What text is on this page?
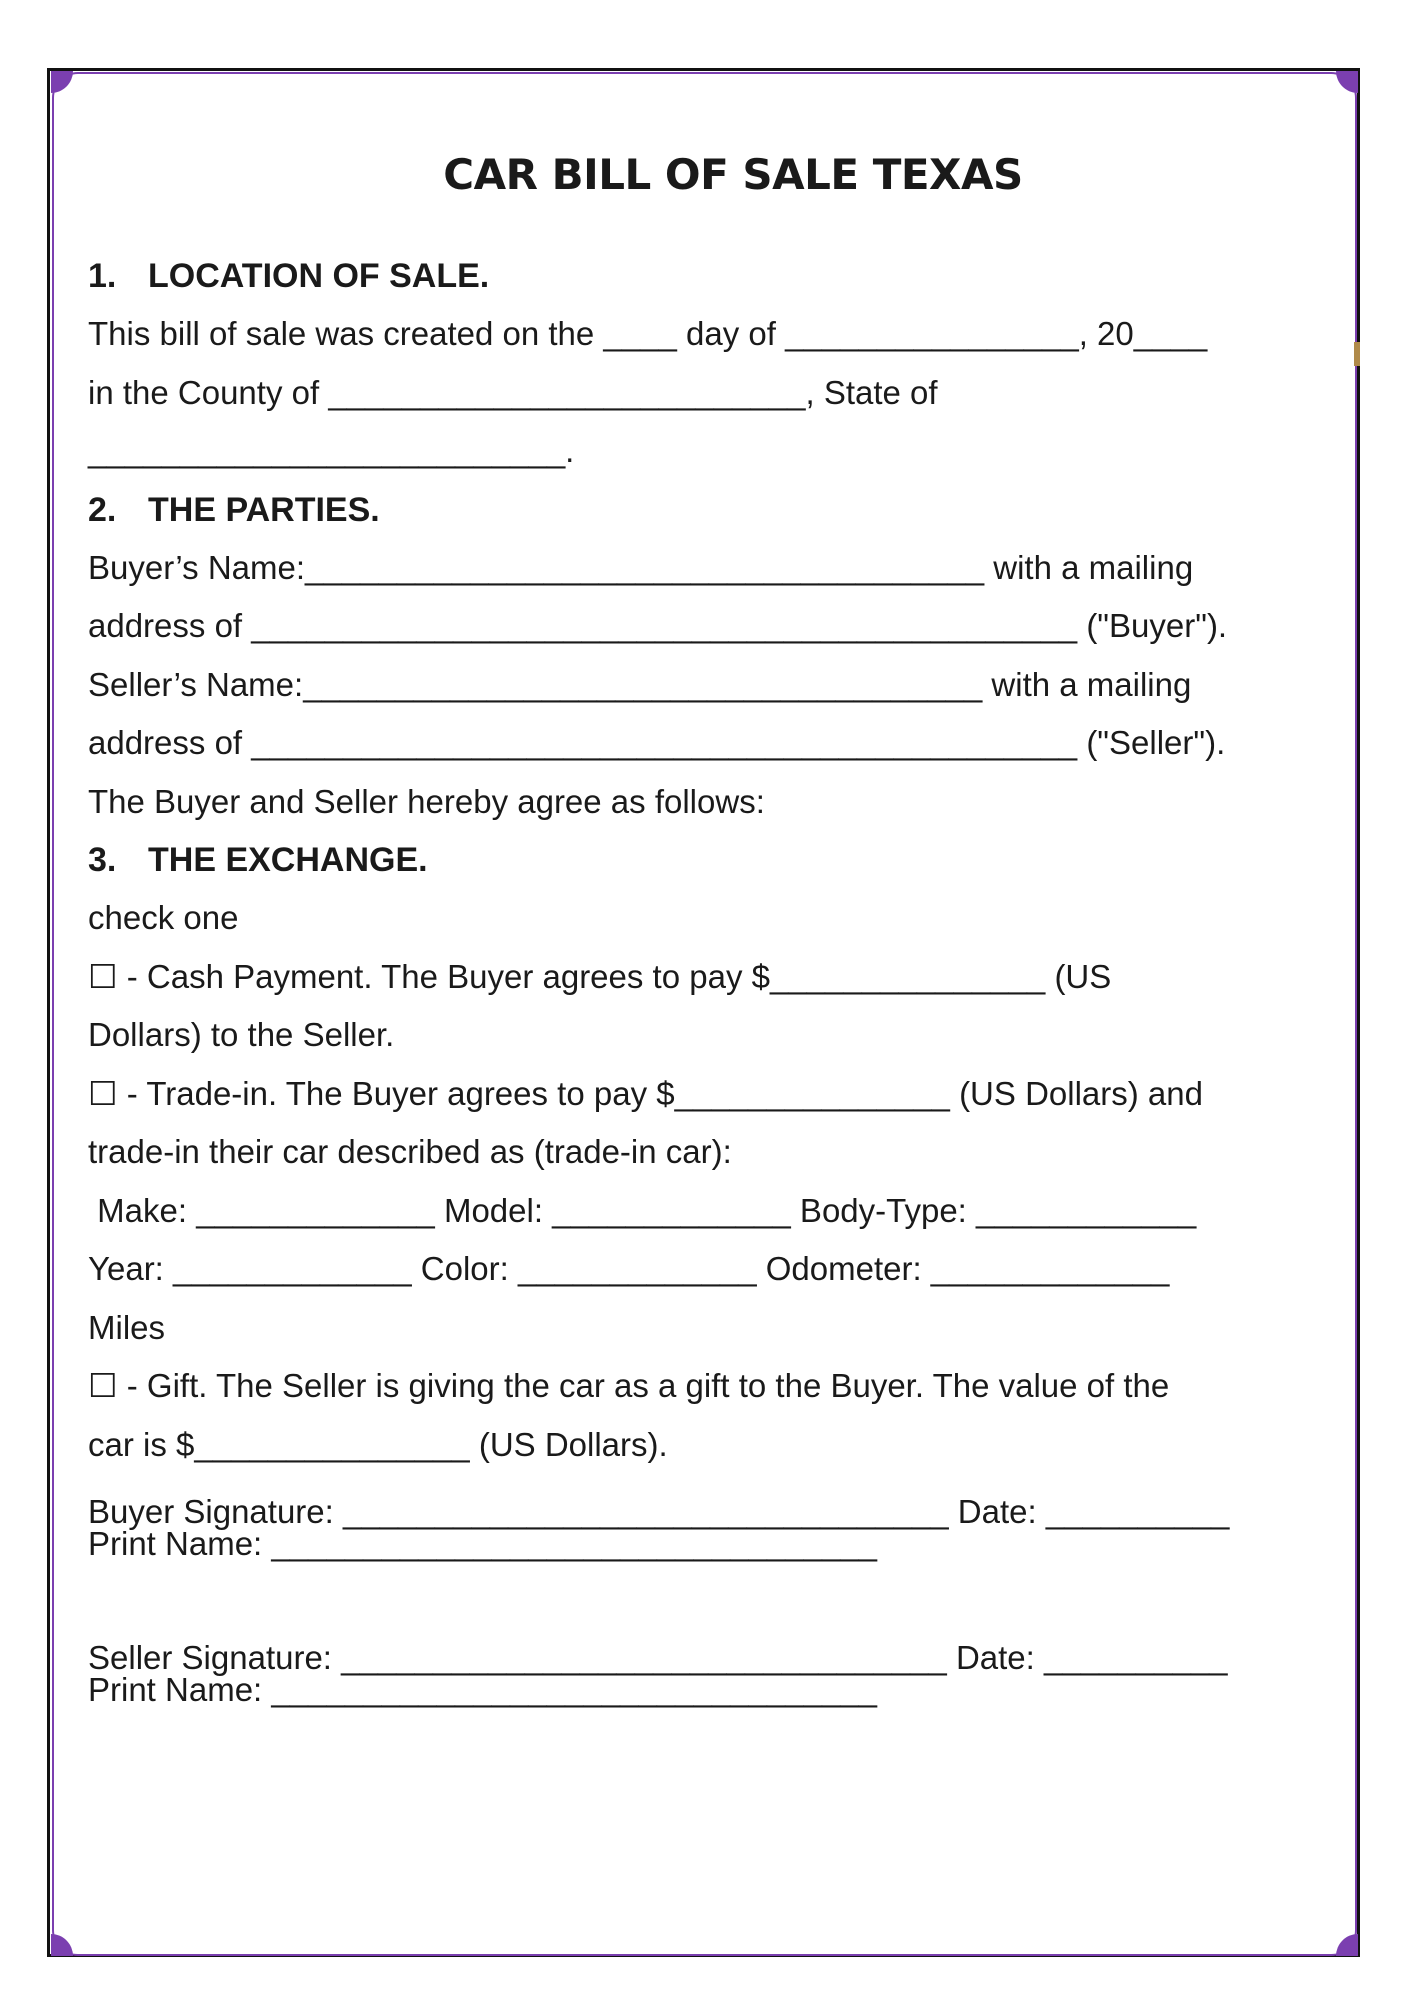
CAR BILL OF SALE TEXAS

1. LOCATION OF SALE.

This bill of sale was created on the ____ day of ________________, 20____

in the County of __________________________, State of

__________________________.

2. THE PARTIES.

Buyer’s Name:_____________________________________ with a mailing

address of _____________________________________________ ("Buyer").

Seller’s Name:_____________________________________ with a mailing

address of _____________________________________________ ("Seller").

The Buyer and Seller hereby agree as follows:

3. THE EXCHANGE.

check one

☐ - Cash Payment. The Buyer agrees to pay $_______________ (US

Dollars) to the Seller.

☐ - Trade-in. The Buyer agrees to pay $_______________ (US Dollars) and

trade-in their car described as (trade-in car):

Make: _____________ Model: _____________ Body-Type: ____________

Year: _____________ Color: _____________ Odometer: _____________

Miles

☐ - Gift. The Seller is giving the car as a gift to the Buyer. The value of the

car is $_______________ (US Dollars).

Buyer Signature: _________________________________ Date: __________

Print Name: _________________________________

Seller Signature: _________________________________ Date: __________

Print Name: _________________________________
